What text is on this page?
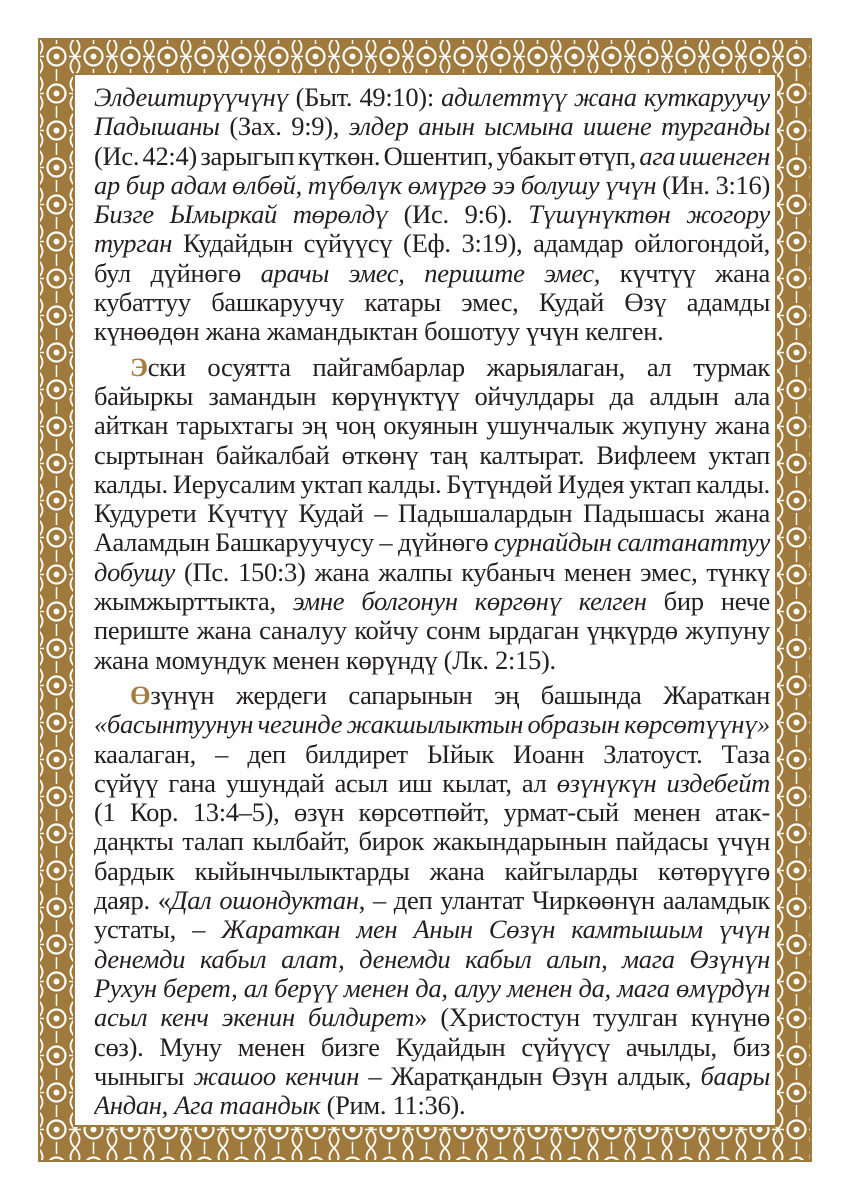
Элдештирүүчүнү (Быт. 49:10): адилеттүү жана куткаруучу
Падышаны (Зах. 9:9), элдер анын ысмына ишене турганды
(Ис. 42:4) зарыгып күткөн. Ошентип, убакыт өтүп, ага ишенген
ар бир адам өлбөй, түбөлүк өмүргө ээ болушу үчүн (Ин. 3:16)
Бизге Ымыркай төрөлдү (Ис. 9:6). Түшүнүктөн жогору
турган Кудайдын сүйүүсү (Еф. 3:19), адамдар ойлогондой,
бул дүйнөгө арачы эмес, периште эмес, күчтүү жана
кубаттуу башкаруучу катары эмес, Кудай Өзү адамды
күнөөдөн жана жамандыктан бошотуу үчүн келген.
Эски осуятта пайгамбарлар жарыялаган, ал турмак
байыркы замандын көрүнүктүү ойчулдары да алдын ала
айткан тарыхтагы эң чоң окуянын ушунчалык жупуну жана
сыртынан байкалбай өткөнү таң калтырат. Вифлеем уктап
калды. Иерусалим уктап калды. Бүтүндөй Иудея уктап калды.
Кудурети Күчтүү Кудай – Падышалардын Падышасы жана
Ааламдын Башкаруучусу – дүйнөгө сурнайдын салтанаттуу
добушу (Пс. 150:3) жана жалпы кубаныч менен эмес, түнкү
жымжырттыкта, эмне болгонун көргөнү келген бир нече
периште жана саналуу койчу сонм ырдаган үңкүрдө жупуну
жана момундук менен көрүндү (Лк. 2:15).
Өзүнүн жердеги сапарынын эң башында Жараткан
«басынтуунун чегинде жакшылыктын образын көрсөтүүнү»
каалаган, – деп билдирет Ыйык Иоанн Златоуст. Таза
сүйүү гана ушундай асыл иш кылат, ал өзүнүкүн издебейт
(1 Кор. 13:4–5), өзүн көрсөтпөйт, урмат-сый менен атак-
даңкты талап кылбайт, бирок жакындарынын пайдасы үчүн
бардык кыйынчылыктарды жана кайгыларды көтөрүүгө
даяр. «Дал ошондуктан, – деп улантат Чиркөөнүн ааламдык
устаты, – Жараткан мен Анын Сөзүн камтышым үчүн
денемди кабыл алат, денемди кабыл алып, мага Өзүнүн
Рухун берет, ал берүү менен да, алуу менен да, мага өмүрдүн
асыл кенч экенин билдирет» (Христостун туулган күнүнө
сөз). Муну менен бизге Кудайдын сүйүүсү ачылды, биз
чыныгы жашоо кенчин – Жаратқандын Өзүн алдык, баары
Андан, Ага таандык (Рим. 11:36).
